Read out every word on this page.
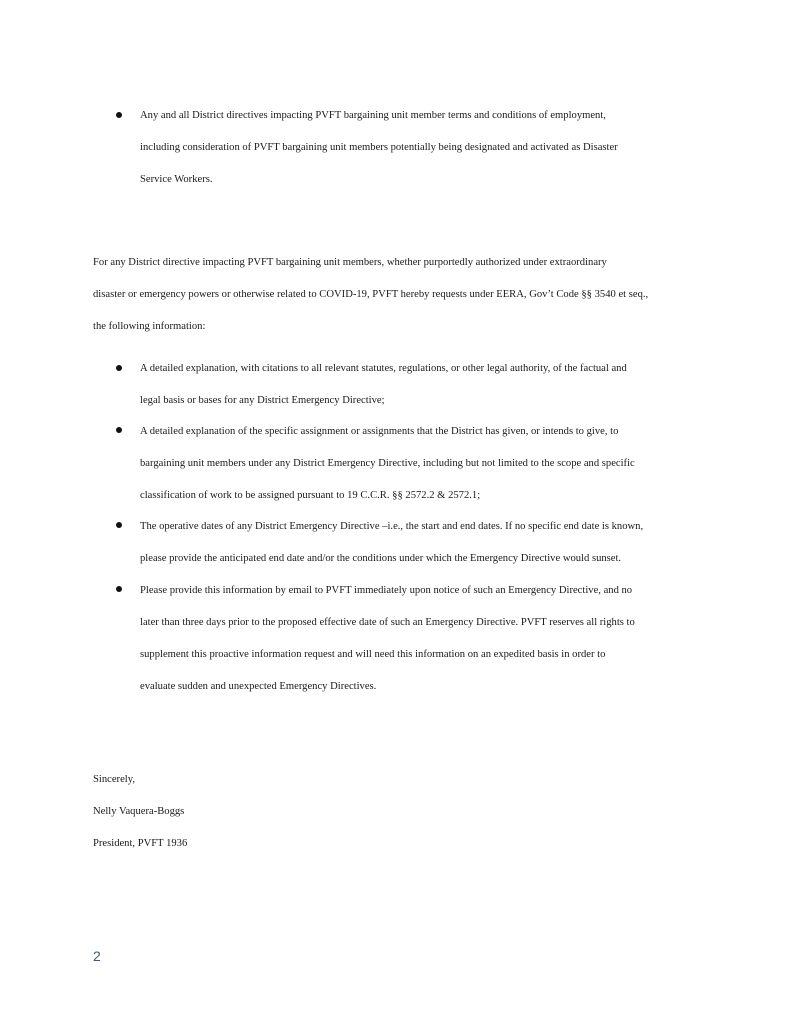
Any and all District directives impacting PVFT bargaining unit member terms and conditions of employment,
including consideration of PVFT bargaining unit members potentially being designated and activated as Disaster
Service Workers.
For any District directive impacting PVFT bargaining unit members, whether purportedly authorized under extraordinary
disaster or emergency powers or otherwise related to COVID-19, PVFT hereby requests under EERA, Gov’t Code §§ 3540 et seq.,
the following information:
A detailed explanation, with citations to all relevant statutes, regulations, or other legal authority, of the factual and
legal basis or bases for any District Emergency Directive;
A detailed explanation of the specific assignment or assignments that the District has given, or intends to give, to
bargaining unit members under any District Emergency Directive, including but not limited to the scope and specific
classification of work to be assigned pursuant to 19 C.C.R. §§ 2572.2 & 2572.1;
The operative dates of any District Emergency Directive –i.e., the start and end dates. If no specific end date is known,
please provide the anticipated end date and/or the conditions under which the Emergency Directive would sunset.
Please provide this information by email to PVFT immediately upon notice of such an Emergency Directive, and no
later than three days prior to the proposed effective date of such an Emergency Directive. PVFT reserves all rights to
supplement this proactive information request and will need this information on an expedited basis in order to
evaluate sudden and unexpected Emergency Directives.
Sincerely,
Nelly Vaquera-Boggs
President, PVFT 1936
2
